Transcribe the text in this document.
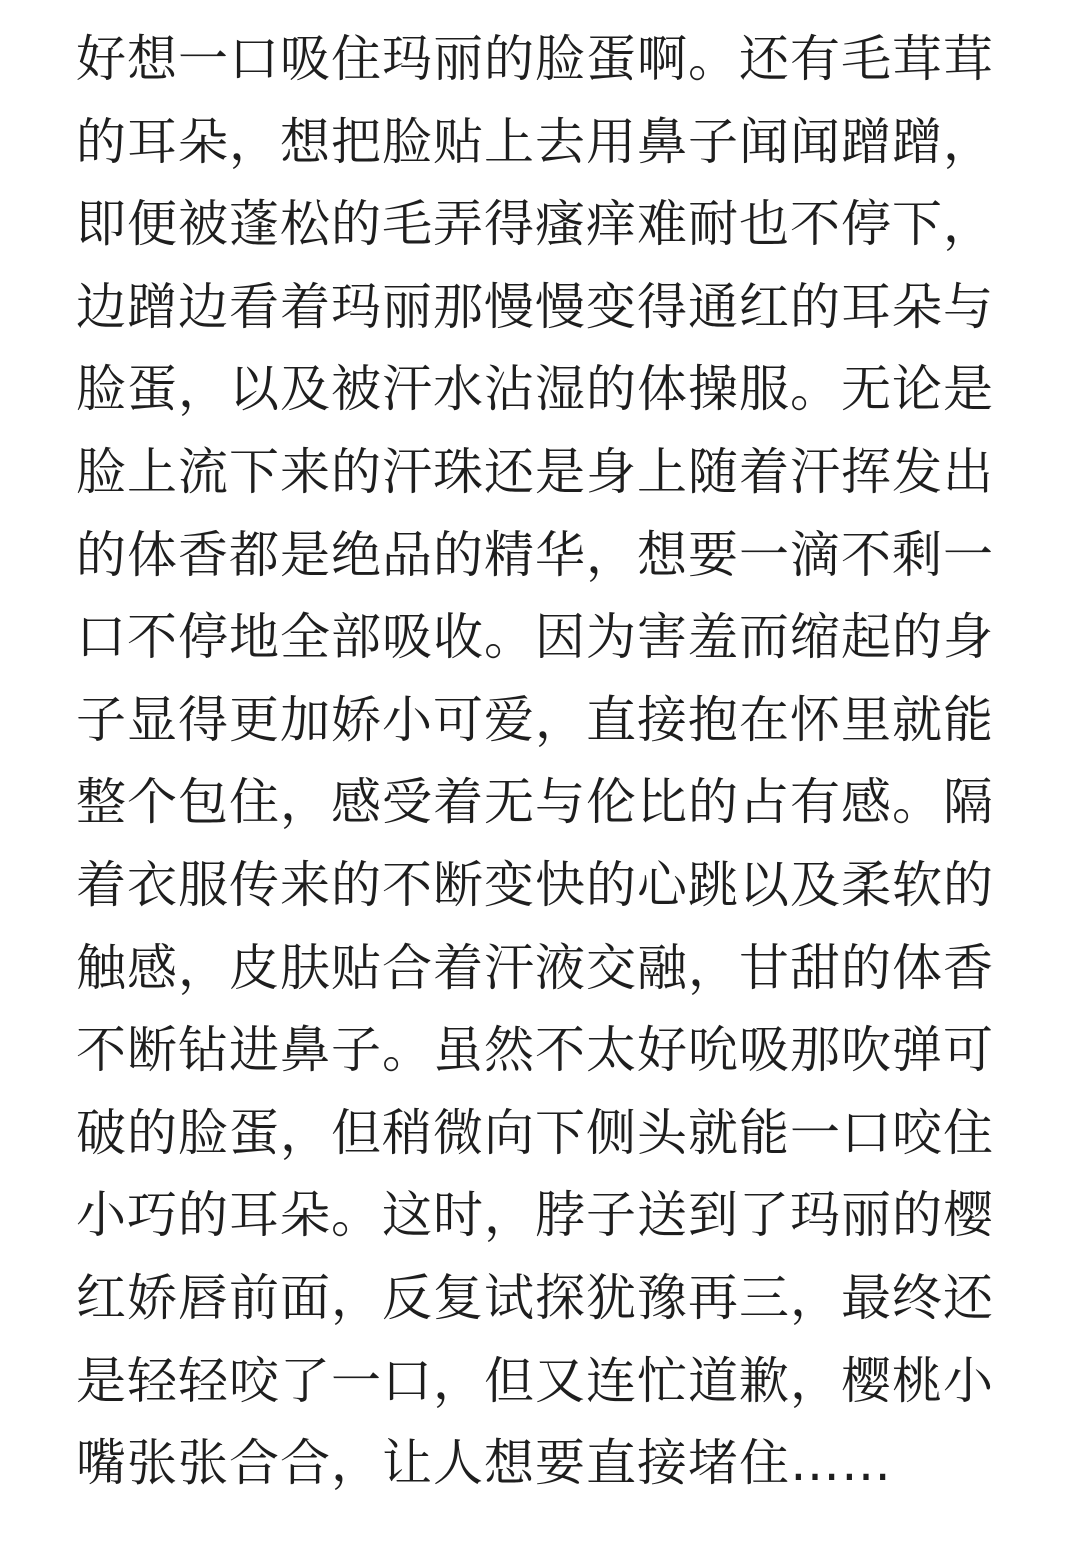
好想一口吸住玛丽的脸蛋啊。还有毛茸茸
的耳朵，想把脸贴上去用鼻子闻闻蹭蹭，
即便被蓬松的毛弄得瘙痒难耐也不停下，
边蹭边看着玛丽那慢慢变得通红的耳朵与
脸蛋，以及被汗水沾湿的体操服。无论是
脸上流下来的汗珠还是身上随着汗挥发出
的体香都是绝品的精华，想要一滴不剩一
口不停地全部吸收。因为害羞而缩起的身
子显得更加娇小可爱，直接抱在怀里就能
整个包住，感受着无与伦比的占有感。隔
着衣服传来的不断变快的心跳以及柔软的
触感，皮肤贴合着汗液交融，甘甜的体香
不断钻进鼻子。虽然不太好吮吸那吹弹可
破的脸蛋，但稍微向下侧头就能一口咬住
小巧的耳朵。这时，脖子送到了玛丽的樱
红娇唇前面，反复试探犹豫再三，最终还
是轻轻咬了一口，但又连忙道歉，樱桃小
嘴张张合合，让人想要直接堵住……
